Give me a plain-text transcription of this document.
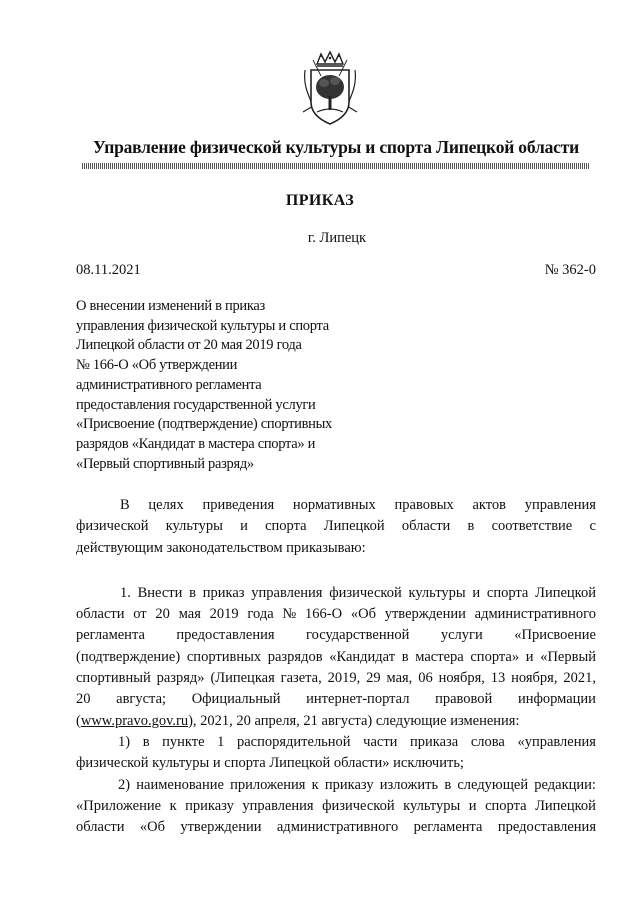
Управление физической культуры и спорта Липецкой области
ПРИКАЗ
г. Липецк
08.11.2021	№ 362-0
О внесении изменений в приказ
управления физической культуры и спорта
Липецкой области от 20 мая 2019 года
№ 166-О «Об утверждении
административного регламента
предоставления государственной услуги
«Присвоение (подтверждение) спортивных
разрядов «Кандидат в мастера спорта» и
«Первый спортивный разряд»
В целях приведения нормативных правовых актов управления
физической культуры и спорта Липецкой области в соответствие с
действующим законодательством приказываю:
1. Внести в приказ управления физической культуры и спорта Липецкой
области от 20 мая 2019 года № 166-О «Об утверждении административного
регламента предоставления государственной услуги «Присвоение
(подтверждение) спортивных разрядов «Кандидат в мастера спорта» и «Первый
спортивный разряд» (Липецкая газета, 2019, 29 мая, 06 ноября, 13 ноября, 2021,
20 августа; Официальный интернет-портал правовой информации
(www.pravo.gov.ru), 2021, 20 апреля, 21 августа) следующие изменения:
1) в пункте 1 распорядительной части приказа слова «управления
физической культуры и спорта Липецкой области» исключить;
2) наименование приложения к приказу изложить в следующей редакции:
«Приложение к приказу управления физической культуры и спорта Липецкой
области «Об утверждении административного регламента предоставления
